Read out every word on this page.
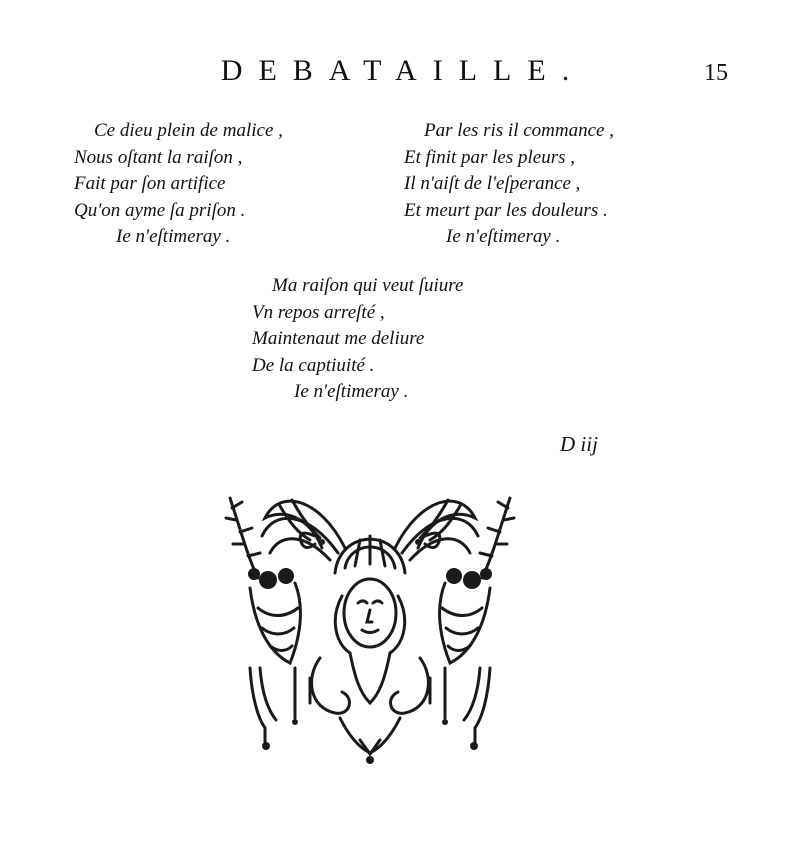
DEBATAILLE.	15
Ce dieu plein de malice ,
Nous oſtant la raiſon ,
Fait par ſon artifice
Qu'on ayme ſa priſon .
Ie n'eſtimeray .
Par les ris il commance ,
Et finit par les pleurs ,
Il n'aiſt de l'eſperance ,
Et meurt par les douleurs .
Ie n'eſtimeray .
Ma raiſon qui veut ſuiure
Vn repos arreſté ,
Maintenaut me deliure
De la captiuité .
Ie n'eſtimeray .
D iij
